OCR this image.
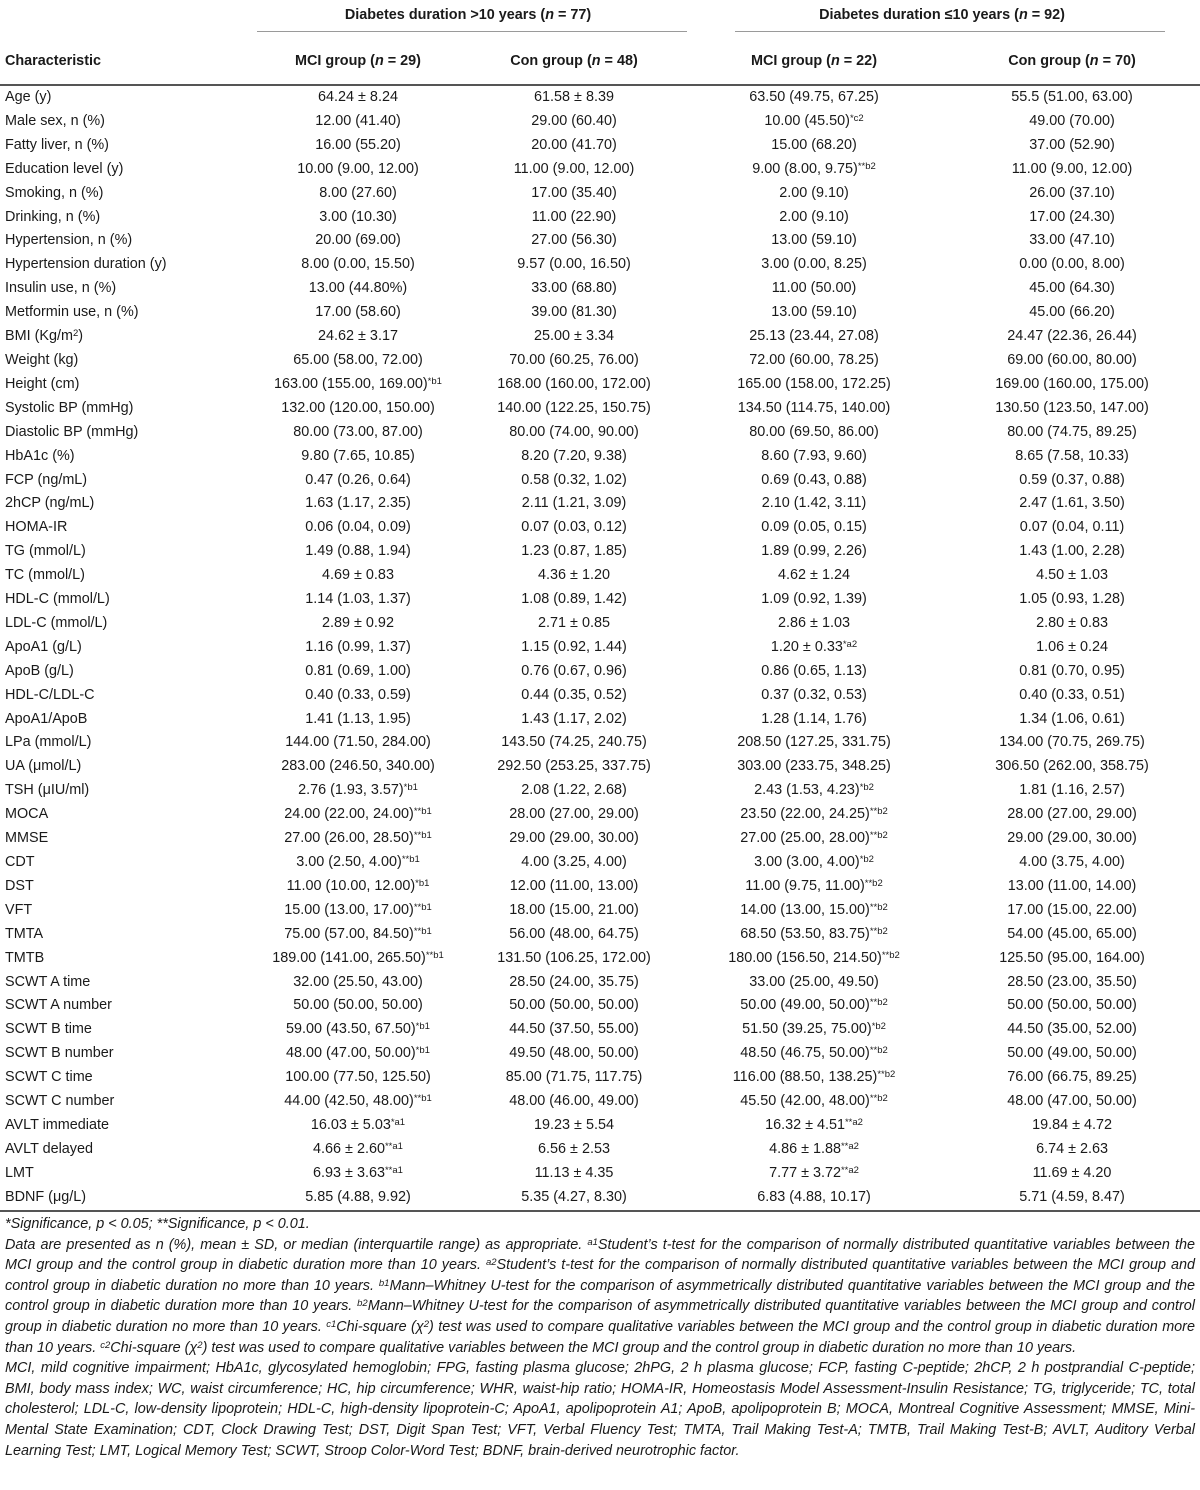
	Diabetes duration >10 years (n = 77)		Diabetes duration ≤10 years (n = 92)	

Characteristic	MCI group (n = 29)	Con group (n = 48)	MCI group (n = 22)	Con group (n = 70)
Age (y)	64.24 ± 8.24	61.58 ± 8.39	63.50 (49.75, 67.25)	55.5 (51.00, 63.00)
Male sex, n (%)	12.00 (41.40)	29.00 (60.40)	10.00 $(45.50)^{*c2}$	49.00 (70.00)
Fatty liver, n (%)	16.00 (55.20)	20.00 (41.70)	15.00 (68.20)	37.00 (52.90)
Education level (y)	10.00 (9.00, 12.00)	11.00 (9.00, 12.00)	9.00 (8.00, 9.75)$^{**b2}$	11.00 (9.00, 12.00)
Smoking, n (%)	8.00 (27.60)	17.00 (35.40)	2.00 (9.10)	26.00 (37.10)
Drinking, n (%)	3.00 (10.30)	11.00 (22.90)	2.00 (9.10)	17.00 (24.30)
Hypertension, n (%)	20.00 (69.00)	27.00 (56.30)	13.00 (59.10)	33.00 (47.10)
Hypertension duration (y)	8.00 (0.00, 15.50)	9.57 (0.00, 16.50)	3.00 (0.00, 8.25)	0.00 (0.00, 8.00)
Insulin use, n (%)	13.00 (44.80%)	33.00 (68.80)	11.00 (50.00)	45.00 (64.30)
Metformin use, n (%)	17.00 (58.60)	39.00 (81.30)	13.00 (59.10)	45.00 (66.20)
BMI $(Kg/m^2)$	24.62 ± 3.17	25.00 ± 3.34	25.13 (23.44, 27.08)	24.47 (22.36, 26.44)
Weight (kg)	65.00 (58.00, 72.00)	70.00 (60.25, 76.00)	72.00 (60.00, 78.25)	69.00 (60.00, 80.00)
Height (cm)	163.00 (155.00, 169.00)$^{*b1}$	168.00 (160.00, 172.00)	165.00 (158.00, 172.25)	169.00 (160.00, 175.00)
Systolic BP (mmHg)	132.00 (120.00, 150.00)	140.00 (122.25, 150.75)	134.50 (114.75, 140.00)	130.50 (123.50, 147.00)
Diastolic BP (mmHg)	80.00 (73.00, 87.00)	80.00 (74.00, 90.00)	80.00 (69.50, 86.00)	80.00 (74.75, 89.25)
HbA1c (%)	9.80 (7.65, 10.85)	8.20 (7.20, 9.38)	8.60 (7.93, 9.60)	8.65 (7.58, 10.33)
FCP (ng/mL)	0.47 (0.26, 0.64)	0.58 (0.32, 1.02)	0.69 (0.43, 0.88)	0.59 (0.37, 0.88)
2hCP (ng/mL)	1.63 (1.17, 2.35)	2.11 (1.21, 3.09)	2.10 (1.42, 3.11)	2.47 (1.61, 3.50)
HOMA-IR	0.06 (0.04, 0.09)	0.07 (0.03, 0.12)	0.09 (0.05, 0.15)	0.07 (0.04, 0.11)
TG (mmol/L)	1.49 (0.88, 1.94)	1.23 (0.87, 1.85)	1.89 (0.99, 2.26)	1.43 (1.00, 2.28)
TC (mmol/L)	4.69 ± 0.83	4.36 ± 1.20	4.62 ± 1.24	4.50 ± 1.03
HDL-C (mmol/L)	1.14 (1.03, 1.37)	1.08 (0.89, 1.42)	1.09 (0.92, 1.39)	1.05 (0.93, 1.28)
LDL-C (mmol/L)	2.89 ± 0.92	2.71 ± 0.85	2.86 ± 1.03	2.80 ± 0.83
ApoA1 (g/L)	1.16 (0.99, 1.37)	1.15 (0.92, 1.44)	$1.20 \pm 0.33^{*a2}$	1.06 ± 0.24
ApoB (g/L)	0.81 (0.69, 1.00)	0.76 (0.67, 0.96)	0.86 (0.65, 1.13)	0.81 (0.70, 0.95)
HDL-C/LDL-C	0.40 (0.33, 0.59)	0.44 (0.35, 0.52)	0.37 (0.32, 0.53)	0.40 (0.33, 0.51)
ApoA1/ApoB	1.41 (1.13, 1.95)	1.43 (1.17, 2.02)	1.28 (1.14, 1.76)	1.34 (1.06, 0.61)
LPa (mmol/L)	144.00 (71.50, 284.00)	143.50 (74.25, 240.75)	208.50 (127.25, 331.75)	134.00 (70.75, 269.75)
UA (μmol/L)	283.00 (246.50, 340.00)	292.50 (253.25, 337.75)	303.00 (233.75, 348.25)	306.50 (262.00, 358.75)
TSH (μIU/ml)	2.76 (1.93, 3.57)$^{*b1}$	2.08 (1.22, 2.68)	2.43 (1.53, 4.23)$^{*b2}$	1.81 (1.16, 2.57)
MOCA	24.00 (22.00, 24.00)$^{**b1}$	28.00 (27.00, 29.00)	23.50 (22.00, 24.25)$^{**b2}$	28.00 (27.00, 29.00)
MMSE	27.00 (26.00, 28.50)$^{**b1}$	29.00 (29.00, 30.00)	27.00 (25.00, 28.00)$^{**b2}$	29.00 (29.00, 30.00)
CDT	3.00 (2.50, 4.00)$^{**b1}$	4.00 (3.25, 4.00)	3.00 (3.00, 4.00)$^{*b2}$	4.00 (3.75, 4.00)
DST	11.00 (10.00, 12.00)$^{*b1}$	12.00 (11.00, 13.00)	11.00 (9.75, 11.00)$^{**b2}$	13.00 (11.00, 14.00)
VFT	15.00 (13.00, 17.00)$^{**b1}$	18.00 (15.00, 21.00)	14.00 (13.00, 15.00)$^{**b2}$	17.00 (15.00, 22.00)
TMTA	75.00 (57.00, 84.50)$^{**b1}$	56.00 (48.00, 64.75)	68.50 (53.50, 83.75)$^{**b2}$	54.00 (45.00, 65.00)
TMTB	189.00 (141.00, 265.50)$^{**b1}$	131.50 (106.25, 172.00)	180.00 (156.50, 214.50)$^{**b2}$	125.50 (95.00, 164.00)
SCWT A time	32.00 (25.50, 43.00)	28.50 (24.00, 35.75)	33.00 (25.00, 49.50)	28.50 (23.00, 35.50)
SCWT A number	50.00 (50.00, 50.00)	50.00 (50.00, 50.00)	50.00 (49.00, 50.00)$^{**b2}$	50.00 (50.00, 50.00)
SCWT B time	59.00 (43.50, 67.50)$^{*b1}$	44.50 (37.50, 55.00)	51.50 (39.25, 75.00)$^{*b2}$	44.50 (35.00, 52.00)
SCWT B number	48.00 (47.00, 50.00)$^{*b1}$	49.50 (48.00, 50.00)	48.50 (46.75, 50.00)$^{**b2}$	50.00 (49.00, 50.00)
SCWT C time	100.00 (77.50, 125.50)	85.00 (71.75, 117.75)	116.00 (88.50, 138.25)$^{**b2}$	76.00 (66.75, 89.25)
SCWT C number	44.00 (42.50, 48.00)$^{**b1}$	48.00 (46.00, 49.00)	45.50 (42.00, 48.00)$^{**b2}$	48.00 (47.00, 50.00)
AVLT immediate	$16.03 \pm 5.03^{*a1}$	19.23 ± 5.54	$16.32 \pm 4.51^{**a2}$	19.84 ± 4.72
AVLT delayed	$4.66 \pm 2.60^{**a1}$	6.56 ± 2.53	$4.86 \pm 1.88^{**a2}$	6.74 ± 2.63
LMT	$6.93 \pm 3.63^{**a1}$	11.13 ± 4.35	$7.77 \pm 3.72^{**a2}$	11.69 ± 4.20
BDNF (μg/L)	5.85 (4.88, 9.92)	5.35 (4.27, 8.30)	6.83 (4.88, 10.17)	5.71 (4.59, 8.47)

*Significance, p < 0.05; **Significance, p < 0.01.

Data are presented as n (%), mean ± SD, or median (interquartile range) as appropriate. $^{a1}$Student’s t-test for the comparison of normally distributed quantitative variables between the MCI group and the control group in diabetic duration more than 10 years. $^{a2}$Student’s t-test for the comparison of normally distributed quantitative variables between the MCI group and control group in diabetic duration no more than 10 years. $^{b1}$Mann–Whitney U-test for the comparison of asymmetrically distributed quantitative variables between the MCI group and the control group in diabetic duration more than 10 years. $^{b2}$Mann–Whitney U-test for the comparison of asymmetrically distributed quantitative variables between the MCI group and control group in diabetic duration no more than 10 years. $^{c1}$Chi-square $(\chi^2)$ test was used to compare qualitative variables between the MCI group and the control group in diabetic duration more than 10 years. $^{c2}$Chi-square $(\chi^2)$ test was used to compare qualitative variables between the MCI group and the control group in diabetic duration no more than 10 years.

MCI, mild cognitive impairment; HbA1c, glycosylated hemoglobin; FPG, fasting plasma glucose; 2hPG, 2 h plasma glucose; FCP, fasting C-peptide; 2hCP, 2 h postprandial C-peptide; BMI, body mass index; WC, waist circumference; HC, hip circumference; WHR, waist-hip ratio; HOMA-IR, Homeostasis Model Assessment-Insulin Resistance; TG, triglyceride; TC, total cholesterol; LDL-C, low-density lipoprotein; HDL-C, high-density lipoprotein-C; ApoA1, apolipoprotein A1; ApoB, apolipoprotein B; MOCA, Montreal Cognitive Assessment; MMSE, Mini-Mental State Examination; CDT, Clock Drawing Test; DST, Digit Span Test; VFT, Verbal Fluency Test; TMTA, Trail Making Test-A; TMTB, Trail Making Test-B; AVLT, Auditory Verbal Learning Test; LMT, Logical Memory Test; SCWT, Stroop Color-Word Test; BDNF, brain-derived neurotrophic factor.
